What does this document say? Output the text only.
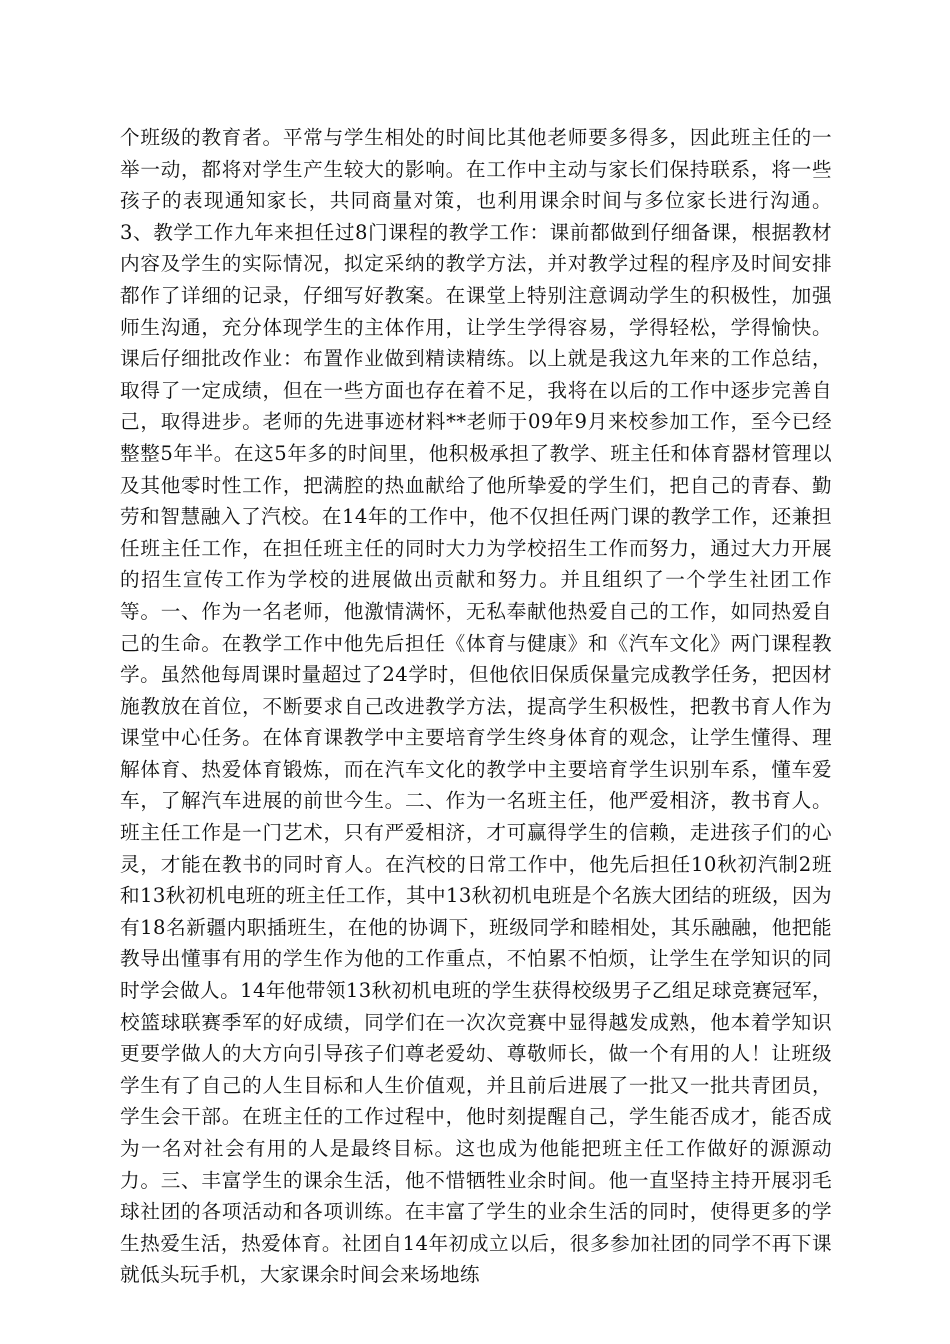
个班级的教育者。平常与学生相处的时间比其他老师要多得多，因此班主任的一举一动，都将对学生产生较大的影响。在工作中主动与家长们保持联系，将一些孩子的表现通知家长，共同商量对策，也利用课余时间与多位家长进行沟通。3、教学工作九年来担任过8门课程的教学工作：课前都做到仔细备课，根据教材内容及学生的实际情况，拟定采纳的教学方法，并对教学过程的程序及时间安排都作了详细的记录，仔细写好教案。在课堂上特别注意调动学生的积极性，加强师生沟通，充分体现学生的主体作用，让学生学得容易，学得轻松，学得愉快。课后仔细批改作业：布置作业做到精读精练。以上就是我这九年来的工作总结，取得了一定成绩，但在一些方面也存在着不足，我将在以后的工作中逐步完善自己，取得进步。老师的先进事迹材料**老师于09年9月来校参加工作，至今已经整整5年半。在这5年多的时间里，他积极承担了教学、班主任和体育器材管理以及其他零时性工作，把满腔的热血献给了他所挚爱的学生们，把自己的青春、勤劳和智慧融入了汽校。在14年的工作中，他不仅担任两门课的教学工作，还兼担任班主任工作，在担任班主任的同时大力为学校招生工作而努力，通过大力开展的招生宣传工作为学校的进展做出贡献和努力。并且组织了一个学生社团工作等。一、作为一名老师，他激情满怀，无私奉献他热爱自己的工作，如同热爱自己的生命。在教学工作中他先后担任《体育与健康》和《汽车文化》两门课程教学。虽然他每周课时量超过了24学时，但他依旧保质保量完成教学任务，把因材施教放在首位，不断要求自己改进教学方法，提高学生积极性，把教书育人作为课堂中心任务。在体育课教学中主要培育学生终身体育的观念，让学生懂得、理解体育、热爱体育锻炼，而在汽车文化的教学中主要培育学生识别车系，懂车爱车，了解汽车进展的前世今生。二、作为一名班主任，他严爱相济，教书育人。班主任工作是一门艺术，只有严爱相济，才可赢得学生的信赖，走进孩子们的心灵，才能在教书的同时育人。在汽校的日常工作中，他先后担任10秋初汽制2班和13秋初机电班的班主任工作，其中13秋初机电班是个名族大团结的班级，因为有18名新疆内职插班生，在他的协调下，班级同学和睦相处，其乐融融，他把能教导出懂事有用的学生作为他的工作重点，不怕累不怕烦，让学生在学知识的同时学会做人。14年他带领13秋初机电班的学生获得校级男子乙组足球竞赛冠军，校篮球联赛季军的好成绩，同学们在一次次竞赛中显得越发成熟，他本着学知识更要学做人的大方向引导孩子们尊老爱幼、尊敬师长，做一个有用的人！让班级学生有了自己的人生目标和人生价值观，并且前后进展了一批又一批共青团员，学生会干部。在班主任的工作过程中，他时刻提醒自己，学生能否成才，能否成为一名对社会有用的人是最终目标。这也成为他能把班主任工作做好的源源动力。三、丰富学生的课余生活，他不惜牺牲业余时间。他一直坚持主持开展羽毛球社团的各项活动和各项训练。在丰富了学生的业余生活的同时，使得更多的学生热爱生活，热爱体育。社团自14年初成立以后，很多参加社团的同学不再下课就低头玩手机，大家课余时间会来场地练
